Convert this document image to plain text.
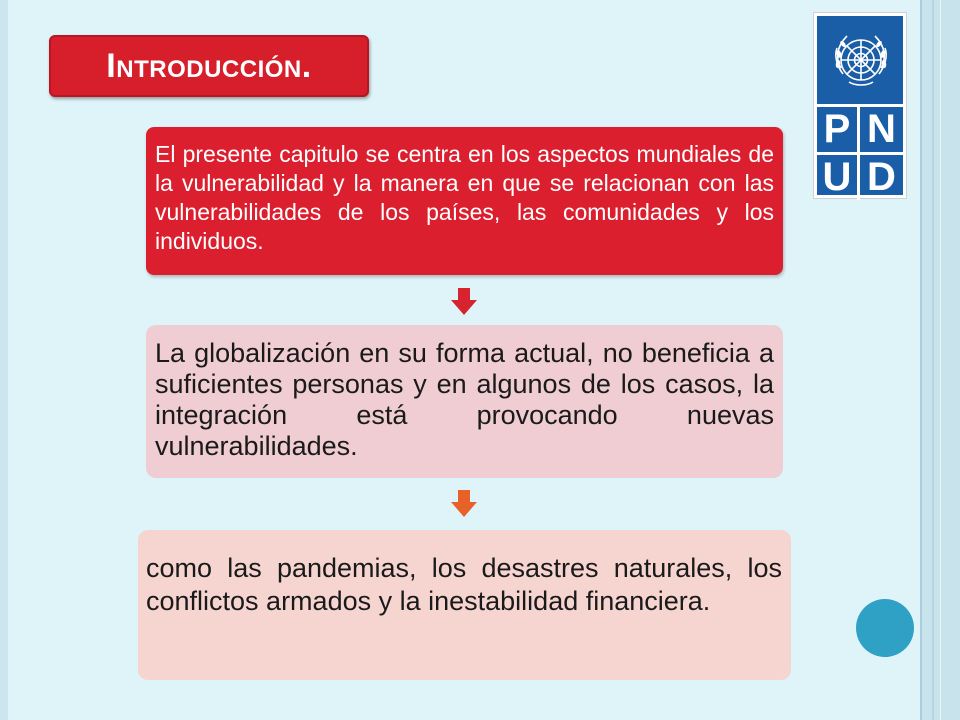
Introducción.
P N
U D
El presente capitulo se centra en los aspectos mundiales de la vulnerabilidad y la manera en que se relacionan con las vulnerabilidades de los países, las comunidades y los individuos.
La globalización en su forma actual, no beneficia a suficientes personas y en algunos de los casos, la integración está provocando nuevas vulnerabilidades.
como las pandemias, los desastres naturales, los conflictos armados y la inestabilidad financiera.
